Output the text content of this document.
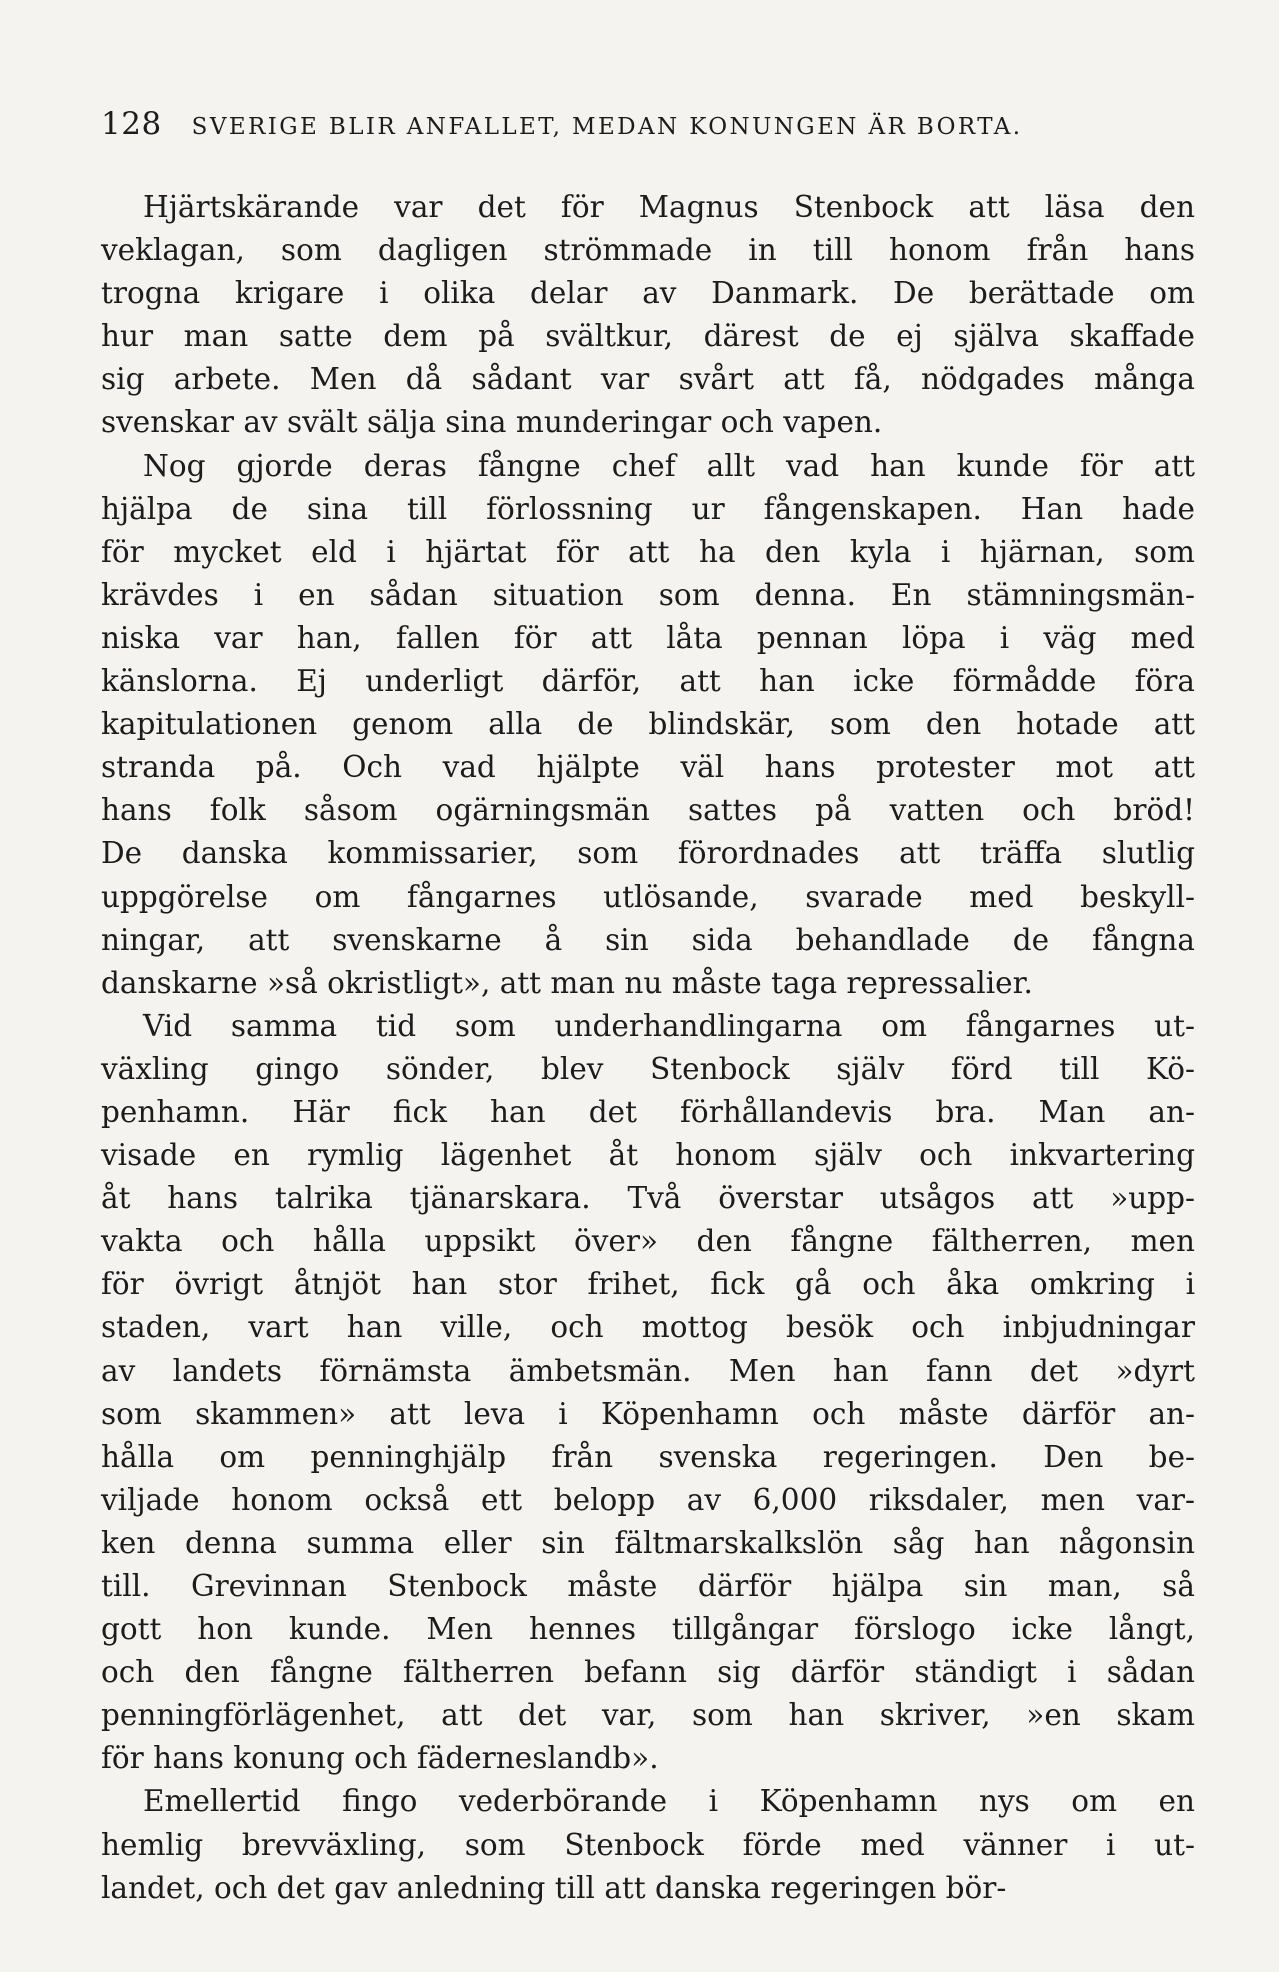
128 SVERIGE BLIR ANFALLET, MEDAN KONUNGEN ÄR BORTA.
Hjärtskärande var det för Magnus Stenbock att läsa den
veklagan, som dagligen strömmade in till honom från hans
trogna krigare i olika delar av Danmark. De berättade om
hur man satte dem på svältkur, därest de ej själva skaffade
sig arbete. Men då sådant var svårt att få, nödgades många
svenskar av svält sälja sina munderingar och vapen.
Nog gjorde deras fångne chef allt vad han kunde för att
hjälpa de sina till förlossning ur fångenskapen. Han hade
för mycket eld i hjärtat för att ha den kyla i hjärnan, som
krävdes i en sådan situation som denna. En stämningsmän-
niska var han, fallen för att låta pennan löpa i väg med
känslorna. Ej underligt därför, att han icke förmådde föra
kapitulationen genom alla de blindskär, som den hotade att
stranda på. Och vad hjälpte väl hans protester mot att
hans folk såsom ogärningsmän sattes på vatten och bröd!
De danska kommissarier, som förordnades att träffa slutlig
uppgörelse om fångarnes utlösande, svarade med beskyll-
ningar, att svenskarne å sin sida behandlade de fångna
danskarne »så okristligt», att man nu måste taga repressalier.
Vid samma tid som underhandlingarna om fångarnes ut-
växling gingo sönder, blev Stenbock själv förd till Kö-
penhamn. Här fick han det förhållandevis bra. Man an-
visade en rymlig lägenhet åt honom själv och inkvartering
åt hans talrika tjänarskara. Två överstar utsågos att »upp-
vakta och hålla uppsikt över» den fångne fältherren, men
för övrigt åtnjöt han stor frihet, fick gå och åka omkring i
staden, vart han ville, och mottog besök och inbjudningar
av landets förnämsta ämbetsmän. Men han fann det »dyrt
som skammen» att leva i Köpenhamn och måste därför an-
hålla om penninghjälp från svenska regeringen. Den be-
viljade honom också ett belopp av 6,000 riksdaler, men var-
ken denna summa eller sin fältmarskalkslön såg han någonsin
till. Grevinnan Stenbock måste därför hjälpa sin man, så
gott hon kunde. Men hennes tillgångar förslogo icke långt,
och den fångne fältherren befann sig därför ständigt i sådan
penningförlägenhet, att det var, som han skriver, »en skam
för hans konung och fäderneslandb».
Emellertid fingo vederbörande i Köpenhamn nys om en
hemlig brevväxling, som Stenbock förde med vänner i ut-
landet, och det gav anledning till att danska regeringen bör-
